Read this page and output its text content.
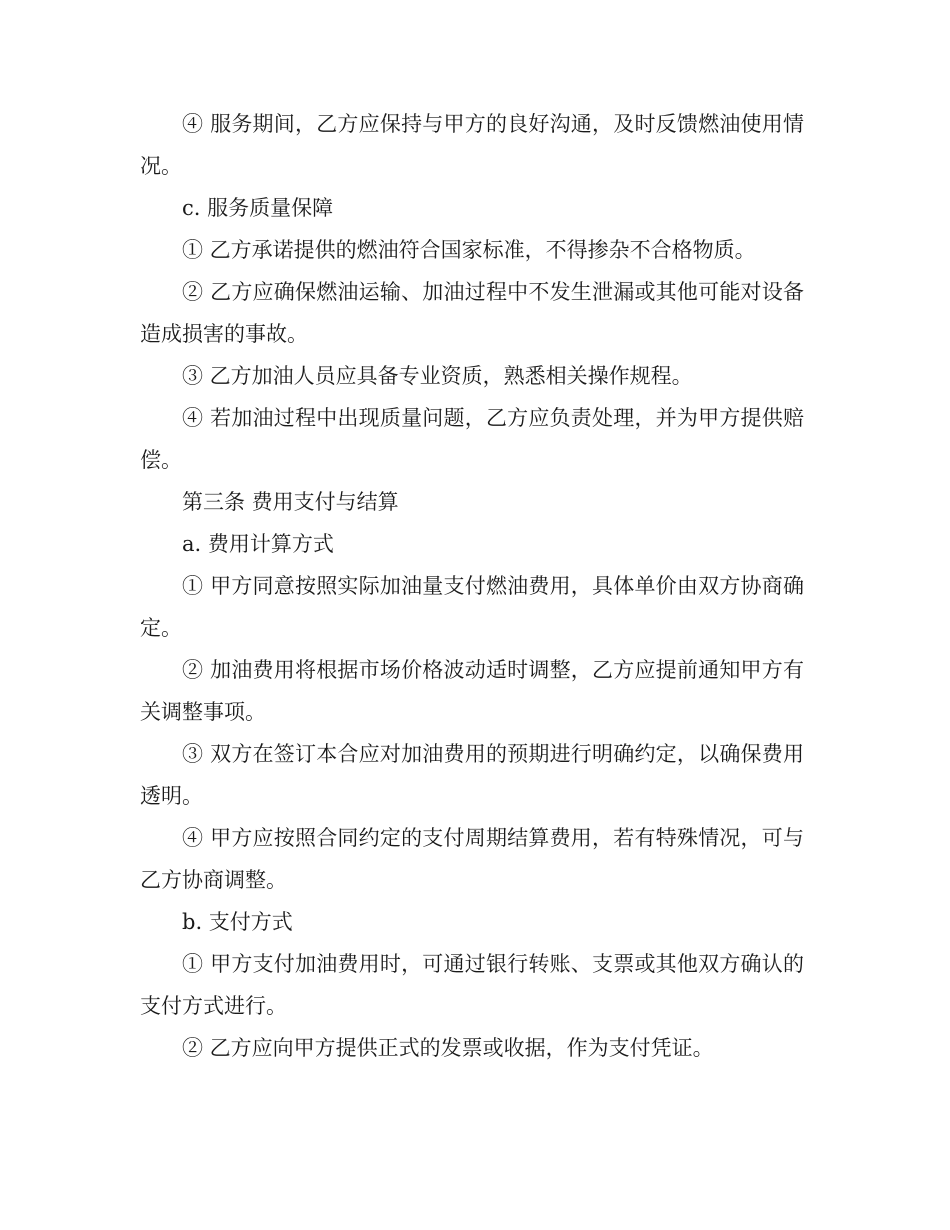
④ 服务期间，乙方应保持与甲方的良好沟通，及时反馈燃油使用情况。

c. 服务质量保障

① 乙方承诺提供的燃油符合国家标准，不得掺杂不合格物质。

② 乙方应确保燃油运输、加油过程中不发生泄漏或其他可能对设备造成损害的事故。

③ 乙方加油人员应具备专业资质，熟悉相关操作规程。

④ 若加油过程中出现质量问题，乙方应负责处理，并为甲方提供赔偿。

第三条 费用支付与结算

a. 费用计算方式

① 甲方同意按照实际加油量支付燃油费用，具体单价由双方协商确定。

② 加油费用将根据市场价格波动适时调整，乙方应提前通知甲方有关调整事项。

③ 双方在签订本合应对加油费用的预期进行明确约定，以确保费用透明。

④ 甲方应按照合同约定的支付周期结算费用，若有特殊情况，可与乙方协商调整。

b. 支付方式

① 甲方支付加油费用时，可通过银行转账、支票或其他双方确认的支付方式进行。

② 乙方应向甲方提供正式的发票或收据，作为支付凭证。
